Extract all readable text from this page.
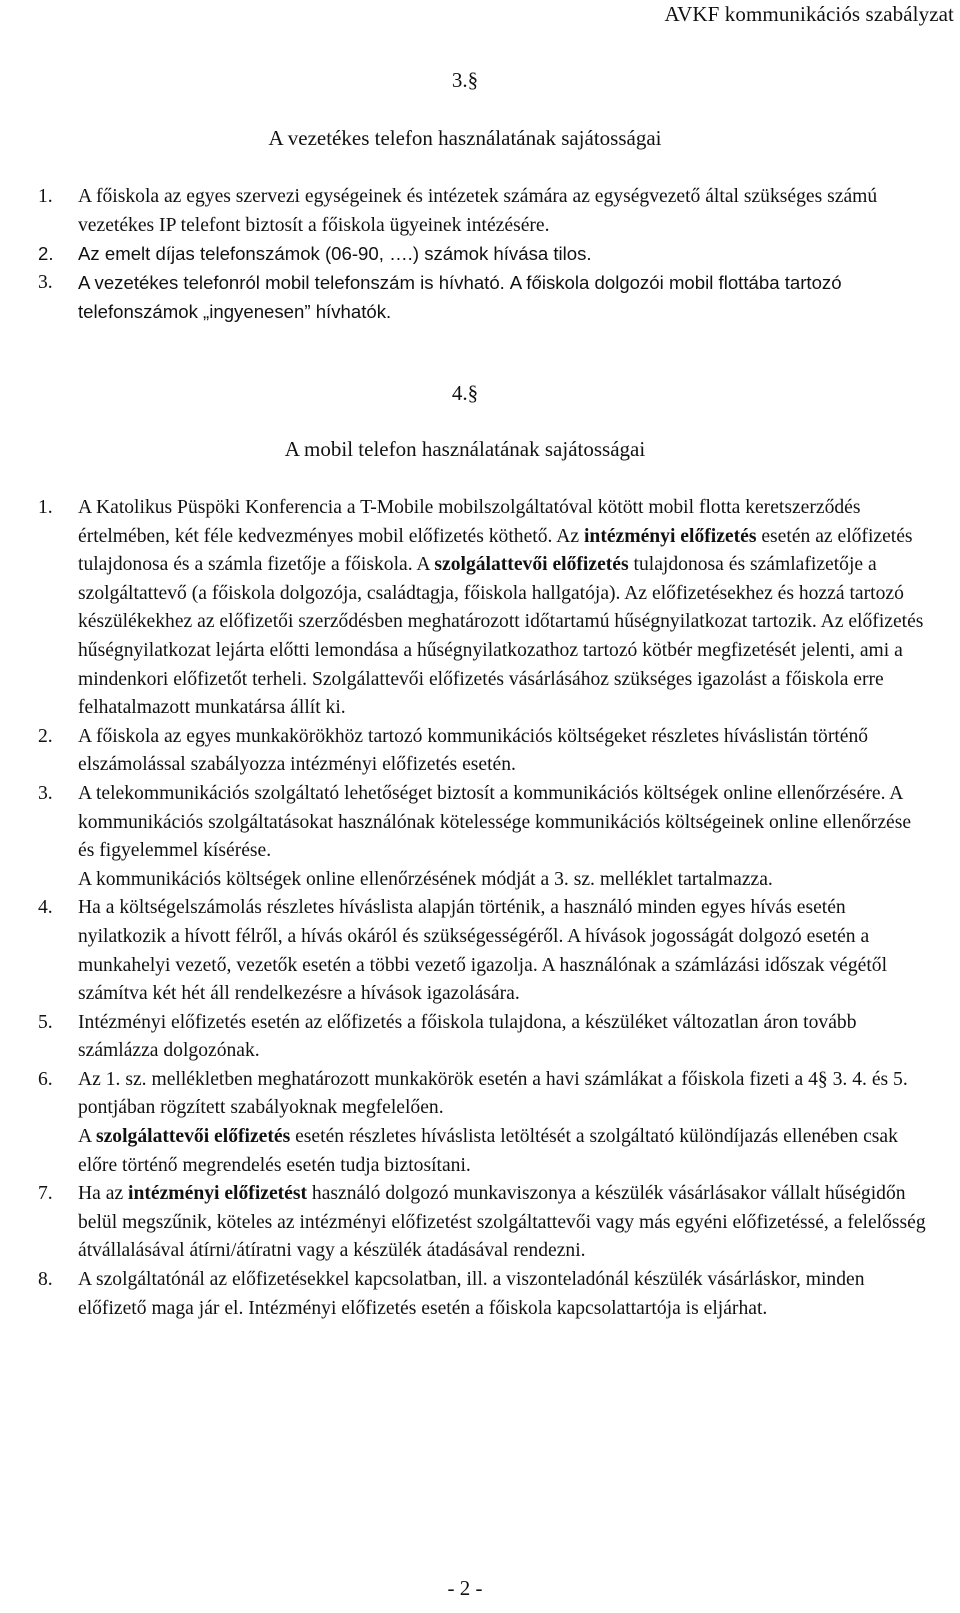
AVKF kommunikációs szabályzat
3.§
A vezetékes telefon használatának sajátosságai
1. A főiskola az egyes szervezi egységeinek és intézetek számára az egységvezető által szükséges számú vezetékes IP telefont biztosít a főiskola ügyeinek intézésére.
2. Az emelt díjas telefonszámok (06-90, ….) számok hívása tilos.
3. A vezetékes telefonról mobil telefonszám is hívható. A főiskola dolgozói mobil flottába tartozó telefonszámok „ingyenesen” hívhatók.
4.§
A mobil telefon használatának sajátosságai
1. A Katolikus Püspöki Konferencia a T-Mobile mobilszolgáltatóval kötött mobil flotta keretszerződés értelmében, két féle kedvezményes mobil előfizetés köthető. Az intézményi előfizetés esetén az előfizetés tulajdonosa és a számla fizetője a főiskola. A szolgálattevői előfizetés tulajdonosa és számlafizetője a szolgáltattevő (a főiskola dolgozója, családtagja, főiskola hallgatója). Az előfizetésekhez és hozzá tartozó készülékekhez az előfizetői szerződésben meghatározott időtartamú hűségnyilatkozat tartozik. Az előfizetés hűségnyilatkozat lejárta előtti lemondása a hűségnyilatkozathoz tartozó kötbér megfizetését jelenti, ami a mindenkori előfizetőt terheli. Szolgálattevői előfizetés vásárlásához szükséges igazolást a főiskola erre felhatalmazott munkatársa állít ki.
2. A főiskola az egyes munkakörökhöz tartozó kommunikációs költségeket részletes híváslistán történő elszámolással szabályozza intézményi előfizetés esetén.
3. A telekommunikációs szolgáltató lehetőséget biztosít a kommunikációs költségek online ellenőrzésére. A kommunikációs szolgáltatásokat használónak kötelessége kommunikációs költségeinek online ellenőrzése és figyelemmel kísérése.
A kommunikációs költségek online ellenőrzésének módját a 3. sz. melléklet tartalmazza.
4. Ha a költségelszámolás részletes híváslista alapján történik, a használó minden egyes hívás esetén nyilatkozik a hívott félről, a hívás okáról és szükségességéről. A hívások jogosságát dolgozó esetén a munkahelyi vezető, vezetők esetén a többi vezető igazolja. A használónak a számlázási időszak végétől számítva két hét áll rendelkezésre a hívások igazolására.
5. Intézményi előfizetés esetén az előfizetés a főiskola tulajdona, a készüléket változatlan áron tovább számlázza dolgozónak.
6. Az 1. sz. mellékletben meghatározott munkakörök esetén a havi számlákat a főiskola fizeti a 4§ 3. 4. és 5. pontjában rögzített szabályoknak megfelelően.
A szolgálattevői előfizetés esetén részletes híváslista letöltését a szolgáltató különdíjazás ellenében csak előre történő megrendelés esetén tudja biztosítani.
7. Ha az intézményi előfizetést használó dolgozó munkaviszonya a készülék vásárlásakor vállalt hűségidőn belül megszűnik, köteles az intézményi előfizetést szolgáltattevői vagy más egyéni előfizetéssé, a felelősség átvállalásával átírni/átíratni vagy a készülék átadásával rendezni.
8. A szolgáltatónál az előfizetésekkel kapcsolatban, ill. a viszonteladónál készülék vásárláskor, minden előfizető maga jár el. Intézményi előfizetés esetén a főiskola kapcsolattartója is eljárhat.
- 2 -
